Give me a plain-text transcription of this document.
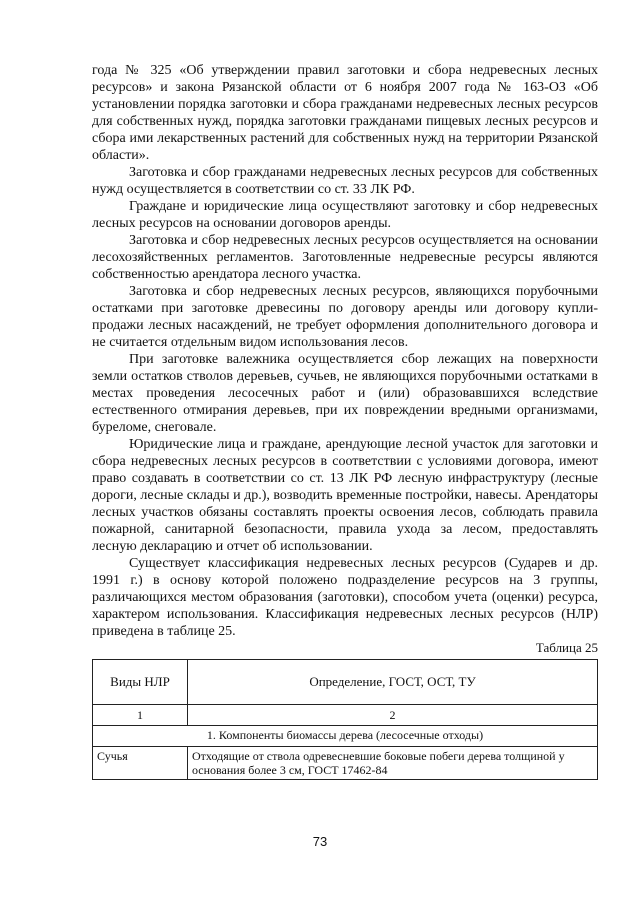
года № 325 «Об утверждении правил заготовки и сбора недревесных лесных ресурсов» и закона Рязанской области от 6 ноября 2007 года № 163-ОЗ «Об установлении порядка заготовки и сбора гражданами недревесных лесных ресурсов для собственных нужд, порядка заготовки гражданами пищевых лесных ресурсов и сбора ими лекарственных растений для собственных нужд на территории Рязанской области».

Заготовка и сбор гражданами недревесных лесных ресурсов для собственных нужд осуществляется в соответствии со ст. 33 ЛК РФ.

Граждане и юридические лица осуществляют заготовку и сбор недревесных лесных ресурсов на основании договоров аренды.

Заготовка и сбор недревесных лесных ресурсов осуществляется на основании лесохозяйственных регламентов. Заготовленные недревесные ресурсы являются собственностью арендатора лесного участка.

Заготовка и сбор недревесных лесных ресурсов, являющихся порубочными остатками при заготовке древесины по договору аренды или договору купли-продажи лесных насаждений, не требует оформления дополнительного договора и не считается отдельным видом использования лесов.

При заготовке валежника осуществляется сбор лежащих на поверхности земли остатков стволов деревьев, сучьев, не являющихся порубочными остатками в местах проведения лесосечных работ и (или) образовавшихся вследствие естественного отмирания деревьев, при их повреждении вредными организмами, буреломе, снеговале.

Юридические лица и граждане, арендующие лесной участок для заготовки и сбора недревесных лесных ресурсов в соответствии с условиями договора, имеют право создавать в соответствии со ст. 13 ЛК РФ лесную инфраструктуру (лесные дороги, лесные склады и др.), возводить временные постройки, навесы. Арендаторы лесных участков обязаны составлять проекты освоения лесов, соблюдать правила пожарной, санитарной безопасности, правила ухода за лесом, предоставлять лесную декларацию и отчет об использовании.

Существует классификация недревесных лесных ресурсов (Сударев и др. 1991 г.) в основу которой положено подразделение ресурсов на 3 группы, различающихся местом образования (заготовки), способом учета (оценки) ресурса, характером использования. Классификация недревесных лесных ресурсов (НЛР) приведена в таблице 25.

Таблица 25

Виды НЛР	Определение, ГОСТ, ОСТ, ТУ
1	2
1. Компоненты биомассы дерева (лесосечные отходы)	
Сучья	Отходящие от ствола одревесневшие боковые побеги дерева толщиной у основания более 3 см, ГОСТ 17462-84
73
